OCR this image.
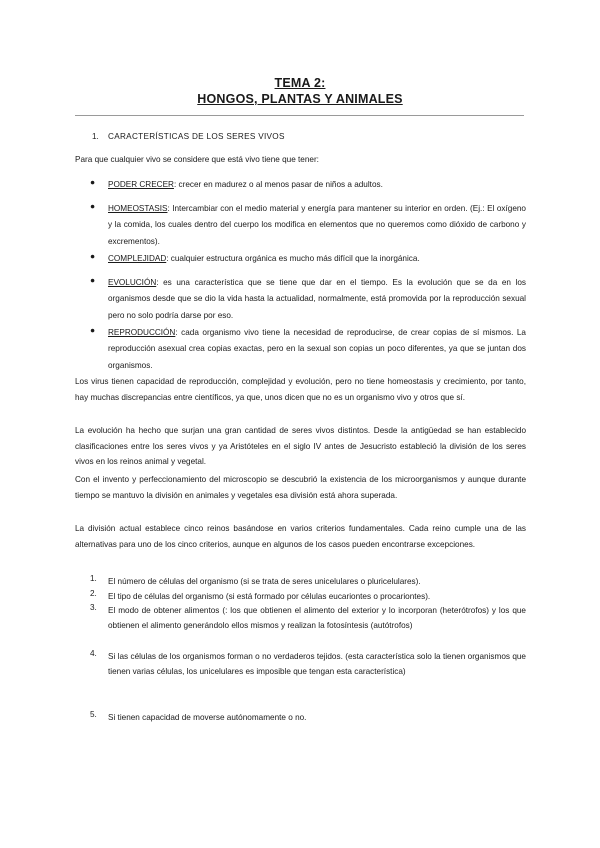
TEMA 2:
HONGOS, PLANTAS Y ANIMALES
1. CARACTERÍSTICAS DE LOS SERES VIVOS
Para que cualquier vivo se considere que está vivo tiene que tener:
● PODER CRECER: crecer en madurez o al menos pasar de niños a adultos.
● HOMEOSTASIS: Intercambiar con el medio material y energía para mantener su interior en orden. (Ej.: El oxígeno y la comida, los cuales dentro del cuerpo los modifica en elementos que no queremos como dióxido de carbono y excrementos).
● COMPLEJIDAD: cualquier estructura orgánica es mucho más difícil que la inorgánica.
● EVOLUCIÓN: es una característica que se tiene que dar en el tiempo. Es la evolución que se da en los organismos desde que se dio la vida hasta la actualidad, normalmente, está promovida por la reproducción sexual pero no solo podría darse por eso.
● REPRODUCCIÓN: cada organismo vivo tiene la necesidad de reproducirse, de crear copias de sí mismos. La reproducción asexual crea copias exactas, pero en la sexual son copias un poco diferentes, ya que se juntan dos organismos.
Los virus tienen capacidad de reproducción, complejidad y evolución, pero no tiene homeostasis y crecimiento, por tanto, hay muchas discrepancias entre científicos, ya que, unos dicen que no es un organismo vivo y otros que sí.
La evolución ha hecho que surjan una gran cantidad de seres vivos distintos. Desde la antigüedad se han establecido clasificaciones entre los seres vivos y ya Aristóteles en el siglo IV antes de Jesucristo estableció la división de los seres vivos en los reinos animal y vegetal.
Con el invento y perfeccionamiento del microscopio se descubrió la existencia de los microorganismos y aunque durante tiempo se mantuvo la división en animales y vegetales esa división está ahora superada.
La división actual establece cinco reinos basándose en varios criterios fundamentales. Cada reino cumple una de las alternativas para uno de los cinco criterios, aunque en algunos de los casos pueden encontrarse excepciones.
1. El número de células del organismo (si se trata de seres unicelulares o pluricelulares).
2. El tipo de células del organismo (si está formado por células eucariontes o procariontes).
3. El modo de obtener alimentos (: los que obtienen el alimento del exterior y lo incorporan (heterótrofos) y los que obtienen el alimento generándolo ellos mismos y realizan la fotosíntesis (autótrofos)
4. Si las células de los organismos forman o no verdaderos tejidos. (esta característica solo la tienen organismos que tienen varias células, los unicelulares es imposible que tengan esta característica)
5. Si tienen capacidad de moverse autónomamente o no.
